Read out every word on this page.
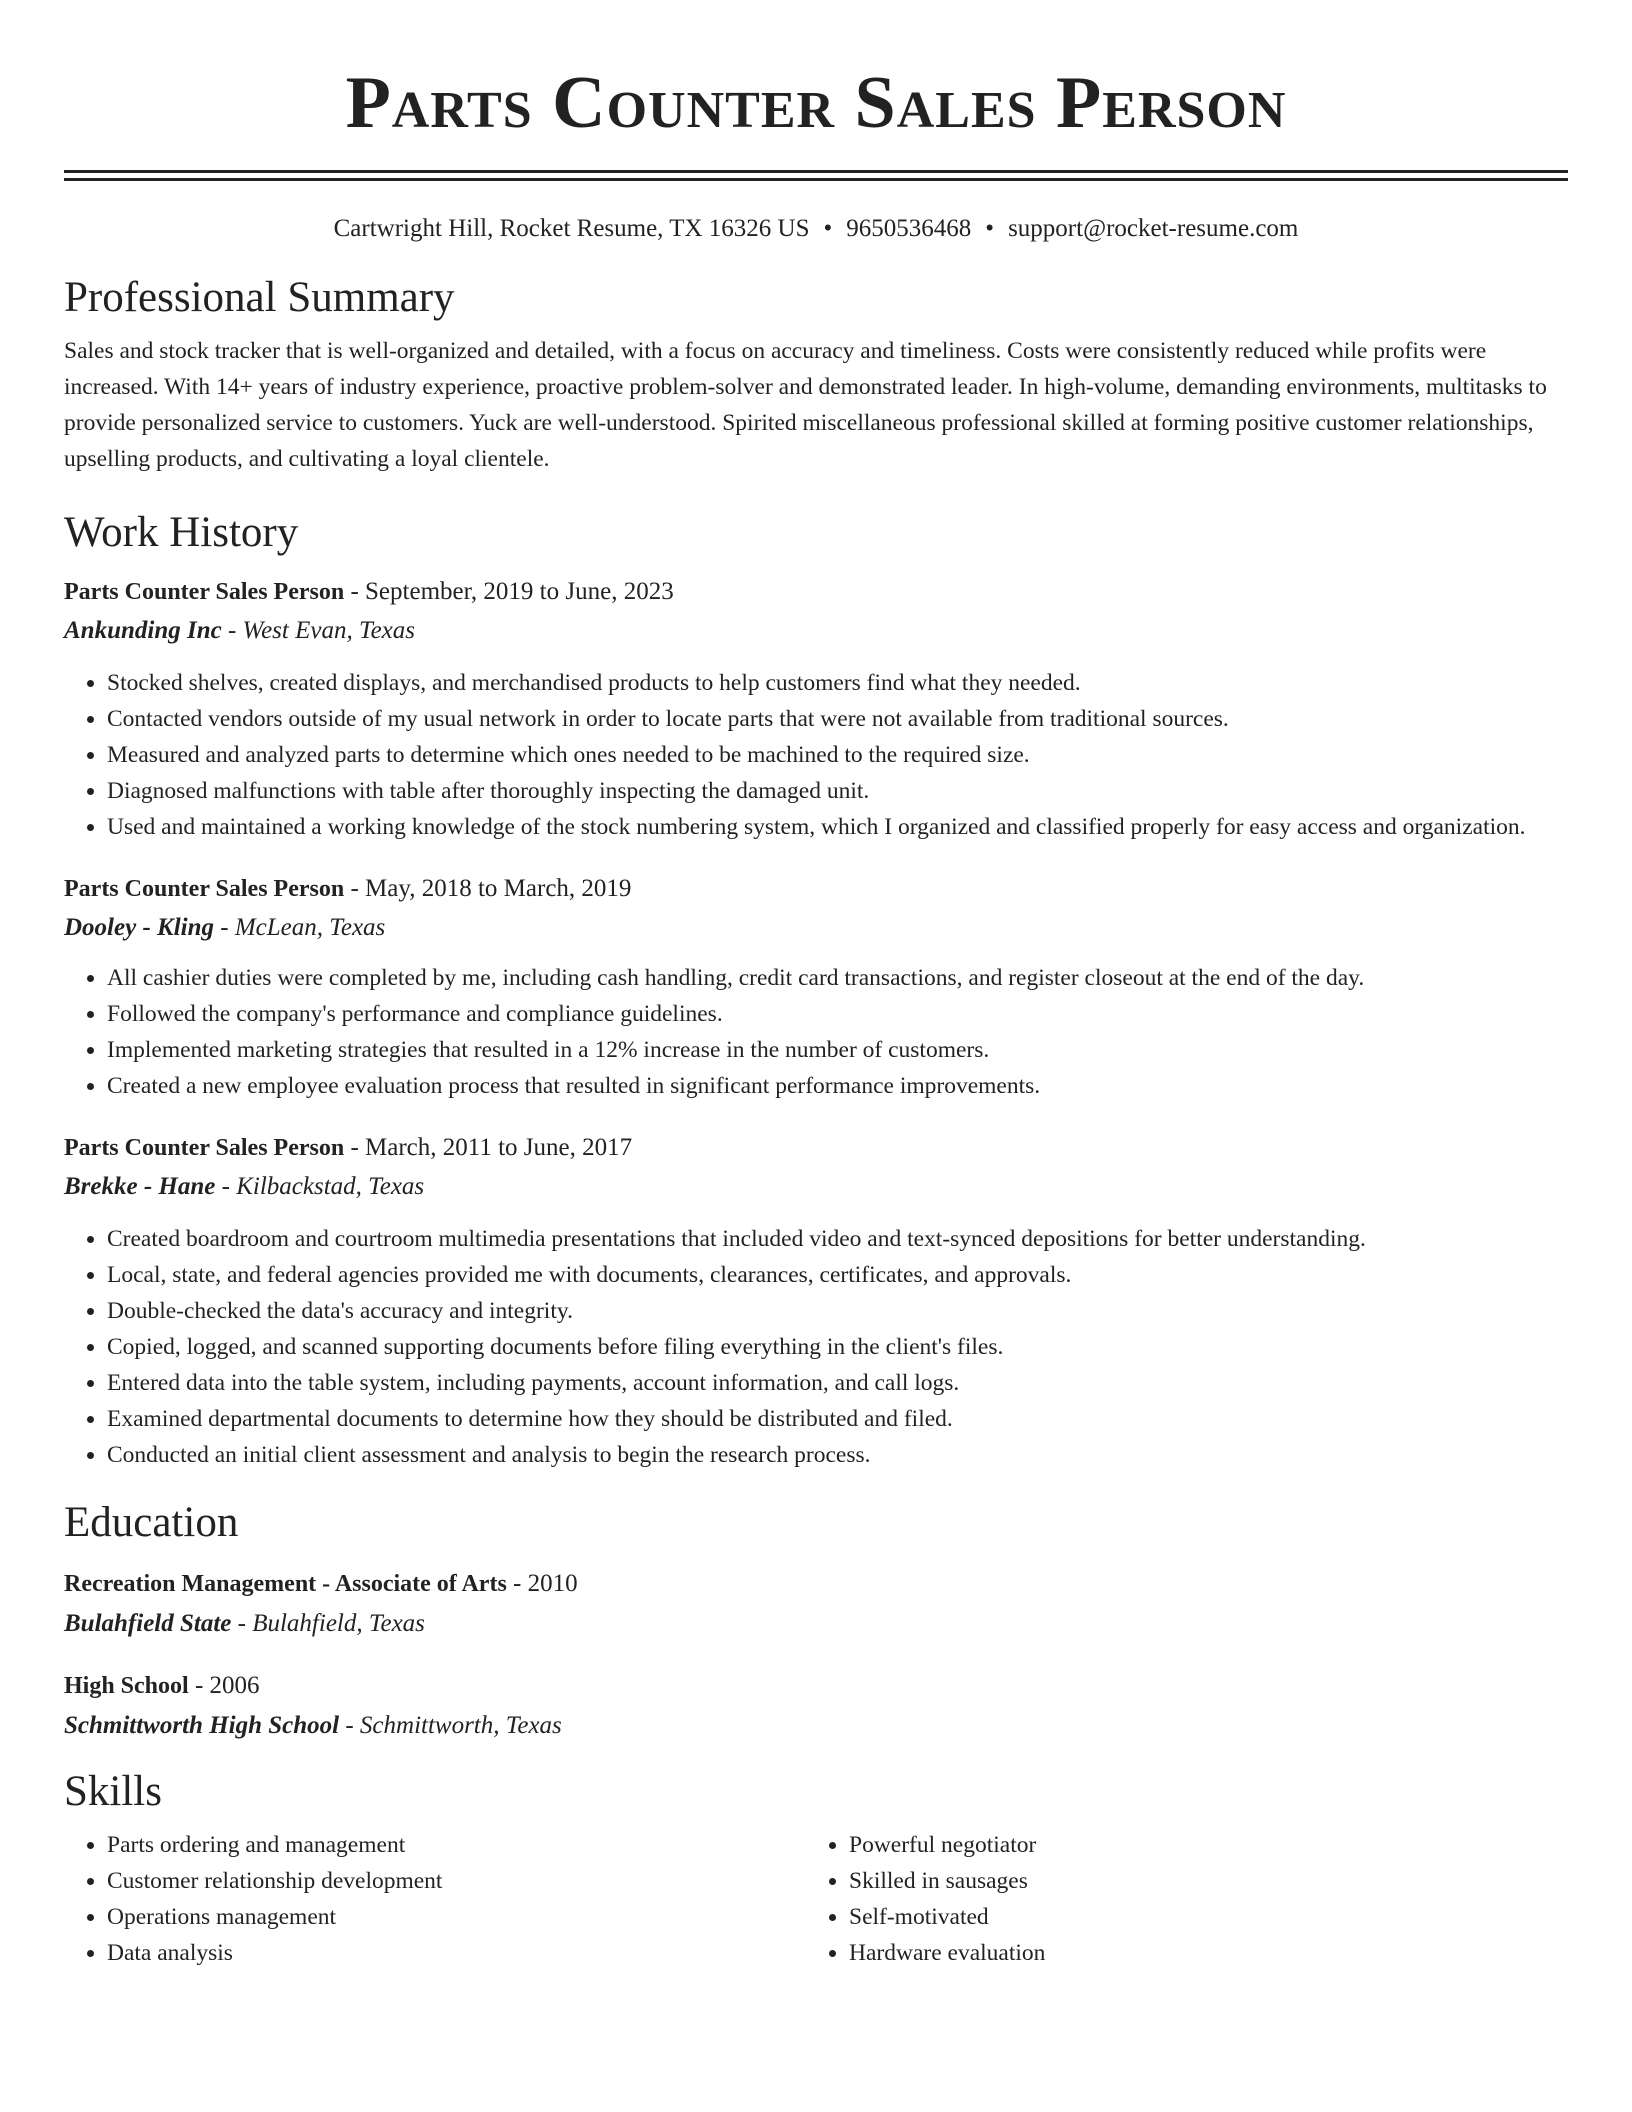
Parts Counter Sales Person
Cartwright Hill, Rocket Resume, TX 16326 US • 9650536468 • support@rocket-resume.com
Professional Summary

Sales and stock tracker that is well-organized and detailed, with a focus on accuracy and timeliness. Costs were consistently reduced while profits were increased. With 14+ years of industry experience, proactive problem-solver and demonstrated leader. In high-volume, demanding environments, multitasks to provide personalized service to customers. Yuck are well-understood. Spirited miscellaneous professional skilled at forming positive customer relationships, upselling products, and cultivating a loyal clientele.

Work History
Parts Counter Sales Person - September, 2019 to June, 2023
Ankunding Inc - West Evan, Texas
• Stocked shelves, created displays, and merchandised products to help customers find what they needed.
• Contacted vendors outside of my usual network in order to locate parts that were not available from traditional sources.
• Measured and analyzed parts to determine which ones needed to be machined to the required size.
• Diagnosed malfunctions with table after thoroughly inspecting the damaged unit.
• Used and maintained a working knowledge of the stock numbering system, which I organized and classified properly for easy access and organization.
Parts Counter Sales Person - May, 2018 to March, 2019
Dooley - Kling - McLean, Texas
• All cashier duties were completed by me, including cash handling, credit card transactions, and register closeout at the end of the day.
• Followed the company's performance and compliance guidelines.
• Implemented marketing strategies that resulted in a 12% increase in the number of customers.
• Created a new employee evaluation process that resulted in significant performance improvements.
Parts Counter Sales Person - March, 2011 to June, 2017
Brekke - Hane - Kilbackstad, Texas
• Created boardroom and courtroom multimedia presentations that included video and text-synced depositions for better understanding.
• Local, state, and federal agencies provided me with documents, clearances, certificates, and approvals.
• Double-checked the data's accuracy and integrity.
• Copied, logged, and scanned supporting documents before filing everything in the client's files.
• Entered data into the table system, including payments, account information, and call logs.
• Examined departmental documents to determine how they should be distributed and filed.
• Conducted an initial client assessment and analysis to begin the research process.
Education
Recreation Management - Associate of Arts - 2010
Bulahfield State - Bulahfield, Texas
High School - 2006
Schmittworth High School - Schmittworth, Texas
Skills
• Parts ordering and management
• Customer relationship development
• Operations management
• Data analysis
• Powerful negotiator
• Skilled in sausages
• Self-motivated
• Hardware evaluation
